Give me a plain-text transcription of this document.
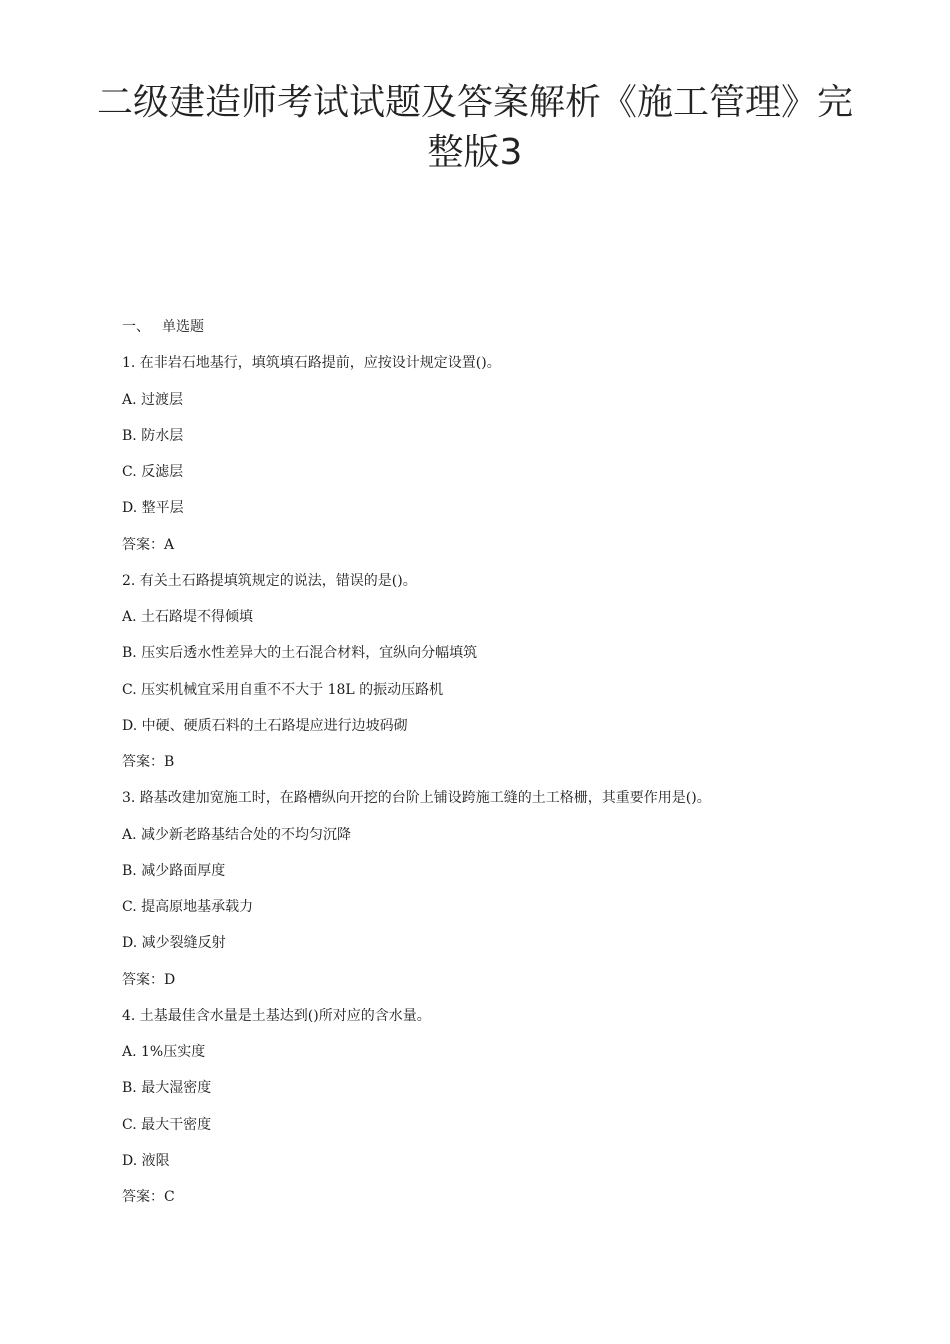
二级建造师考试试题及答案解析《施工管理》完整版3
一、 单选题
1. 在非岩石地基行，填筑填石路提前，应按设计规定设置()。
A. 过渡层
B. 防水层
C. 反滤层
D. 整平层
答案：A
2. 有关土石路提填筑规定的说法，错误的是()。
A. 土石路堤不得倾填
B. 压实后透水性差异大的土石混合材料，宜纵向分幅填筑
C. 压实机械宜采用自重不不大于 18L 的振动压路机
D. 中硬、硬质石料的土石路堤应进行边坡码砌
答案：B
3. 路基改建加宽施工时，在路槽纵向开挖的台阶上铺设跨施工缝的土工格栅，其重要作用是()。
A. 减少新老路基结合处的不均匀沉降
B. 减少路面厚度
C. 提高原地基承载力
D. 减少裂缝反射
答案：D
4. 土基最佳含水量是土基达到()所对应的含水量。
A. 1%压实度
B. 最大湿密度
C. 最大干密度
D. 液限
答案：C
